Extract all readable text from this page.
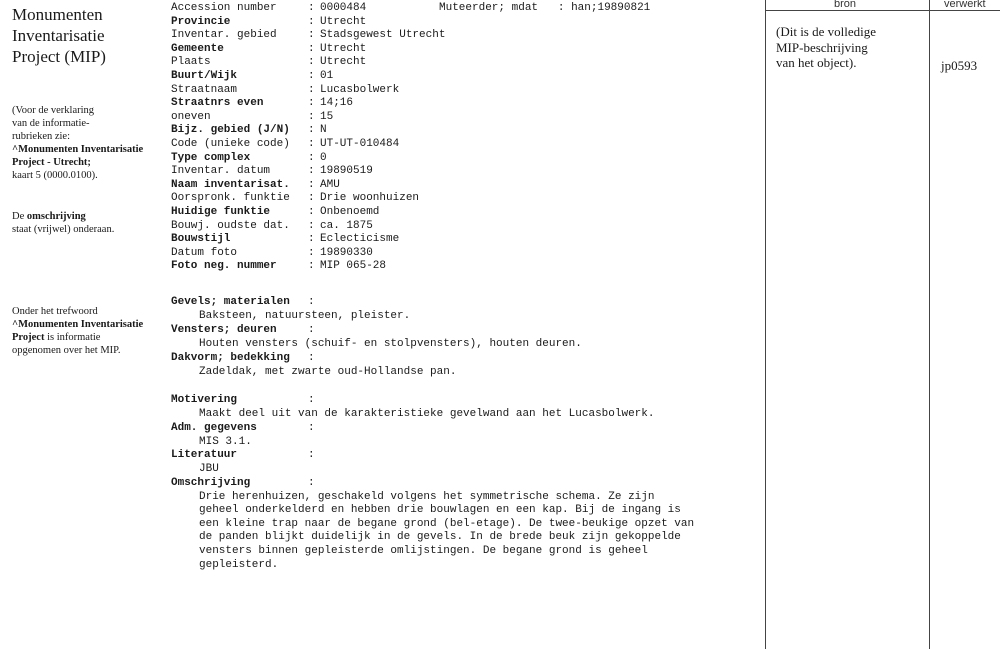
Monumenten
Inventarisatie
Project (MIP)
(Voor de verklaring
van de informatie-
rubrieken zie:
^Monumenten Inventarisatie
Project - Utrecht;
kaart 5 (0000.0100).
De omschrijving
staat (vrijwel) onderaan.
Onder het trefwoord
^Monumenten Inventarisatie
Project is informatie
opgenomen over het MIP.
Muteerder; mdat : han;19890821
Accession number	: 0000484
Provincie	: Utrecht
Inventar. gebied	: Stadsgewest Utrecht
Gemeente	: Utrecht
Plaats	: Utrecht
Buurt/Wijk	: 01
Straatnaam	: Lucasbolwerk
Straatnrs even	: 14;16
oneven	: 15
Bijz. gebied (J/N) : N
Code (unieke code) : UT-UT-010484
Type complex	: 0
Inventar. datum	: 19890519
Naam inventarisat. : AMU
Oorspronk. funktie : Drie woonhuizen
Huidige funktie	: Onbenoemd
Bouwj. oudste dat. : ca. 1875
Bouwstijl	: Eclecticisme
Datum foto	: 19890330
Foto neg. nummer	: MIP 065-28
Gevels; materialen :
Baksteen, natuursteen, pleister.
Vensters; deuren	:
Houten vensters (schuif- en stolpvensters), houten deuren.
Dakvorm; bedekking :
Zadeldak, met zwarte oud-Hollandse pan.
Motivering	:
Maakt deel uit van de karakteristieke gevelwand aan het Lucasbolwerk.
Adm. gegevens	:
MIS 3.1.
Literatuur	:
JBU
Omschrijving	:
Drie herenhuizen, geschakeld volgens het symmetrische schema. Ze zijn
geheel onderkelderd en hebben drie bouwlagen en een kap. Bij de ingang is
een kleine trap naar de begane grond (bel-etage). De twee-beukige opzet van
de panden blijkt duidelijk in de gevels. In de brede beuk zijn gekoppelde
vensters binnen gepleisterde omlijstingen. De begane grond is geheel
gepleisterd.
bron	verwerkt
(Dit is de volledige
MIP-beschrijving
van het object).	jp0593
